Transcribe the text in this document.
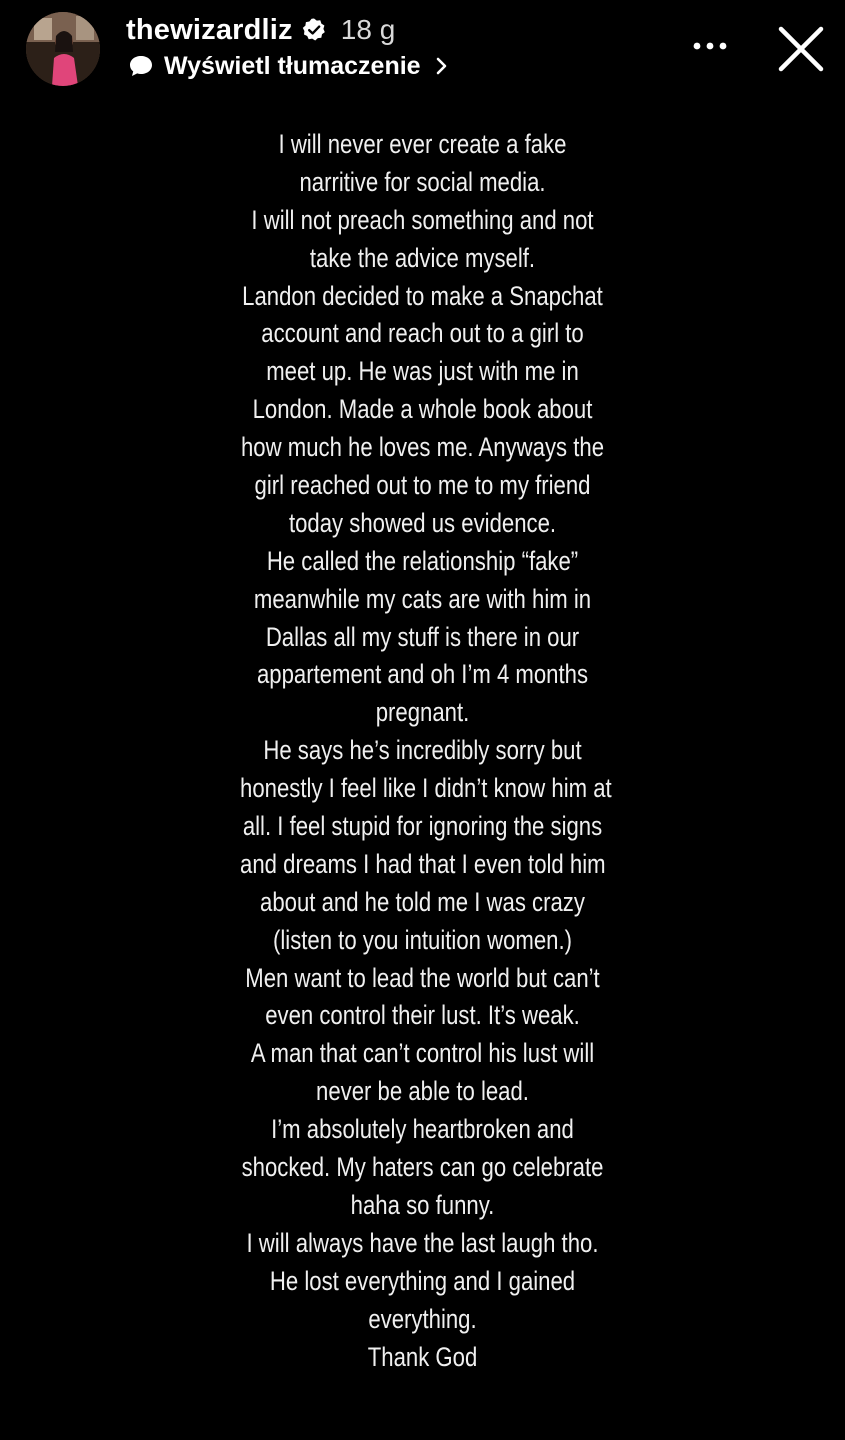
thewizardliz 18 g
Wyświetl tłumaczenie
I will never ever create a fake
narritive for social media.
I will not preach something and not
take the advice myself.
Landon decided to make a Snapchat
account and reach out to a girl to
meet up. He was just with me in
London. Made a whole book about
how much he loves me. Anyways the
girl reached out to me to my friend
today showed us evidence.
He called the relationship “fake”
meanwhile my cats are with him in
Dallas all my stuff is there in our
appartement and oh I’m 4 months
pregnant.
He says he’s incredibly sorry but
honestly I feel like I didn’t know him at
all. I feel stupid for ignoring the signs
and dreams I had that I even told him
about and he told me I was crazy
(listen to you intuition women.)
Men want to lead the world but can’t
even control their lust. It’s weak.
A man that can’t control his lust will
never be able to lead.
I’m absolutely heartbroken and
shocked. My haters can go celebrate
haha so funny.
I will always have the last laugh tho.
He lost everything and I gained
everything.
Thank God
